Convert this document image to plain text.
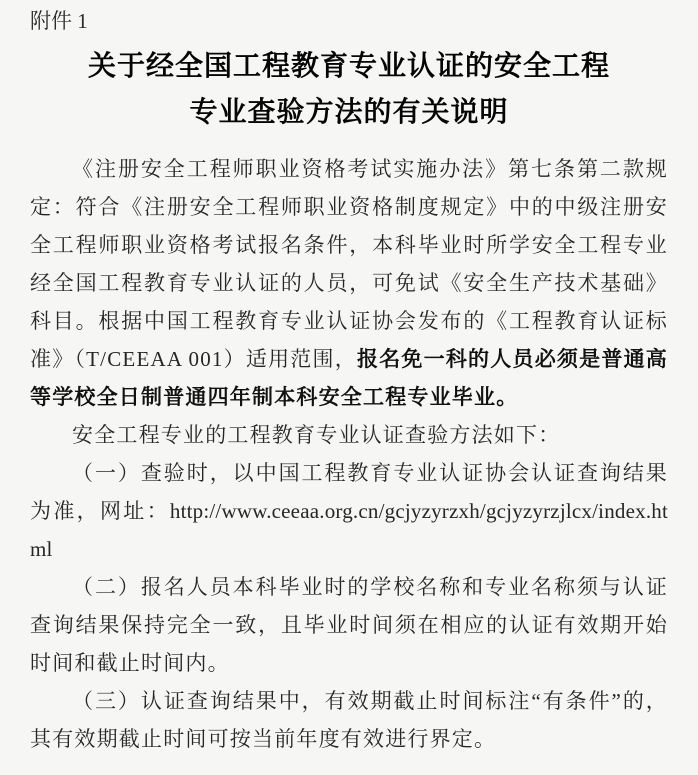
附件 1
关于经全国工程教育专业认证的安全工程
专业查验方法的有关说明

《注册安全工程师职业资格考试实施办法》第七条第二款规定：符合《注册安全工程师职业资格制度规定》中的中级注册安全工程师职业资格考试报名条件，本科毕业时所学安全工程专业经全国工程教育专业认证的人员，可免试《安全生产技术基础》科目。根据中国工程教育专业认证协会发布的《工程教育认证标准》（T/CEEAA 001）适用范围，报名免一科的人员必须是普通高等学校全日制普通四年制本科安全工程专业毕业。

安全工程专业的工程教育专业认证查验方法如下：

（一）查验时，以中国工程教育专业认证协会认证查询结果为准，网址：http://www.ceeaa.org.cn/gcjyzyrzxh/gcjyzyrzjlcx/index.html

（二）报名人员本科毕业时的学校名称和专业名称须与认证查询结果保持完全一致，且毕业时间须在相应的认证有效期开始时间和截止时间内。

（三）认证查询结果中，有效期截止时间标注“有条件”的，其有效期截止时间可按当前年度有效进行界定。
